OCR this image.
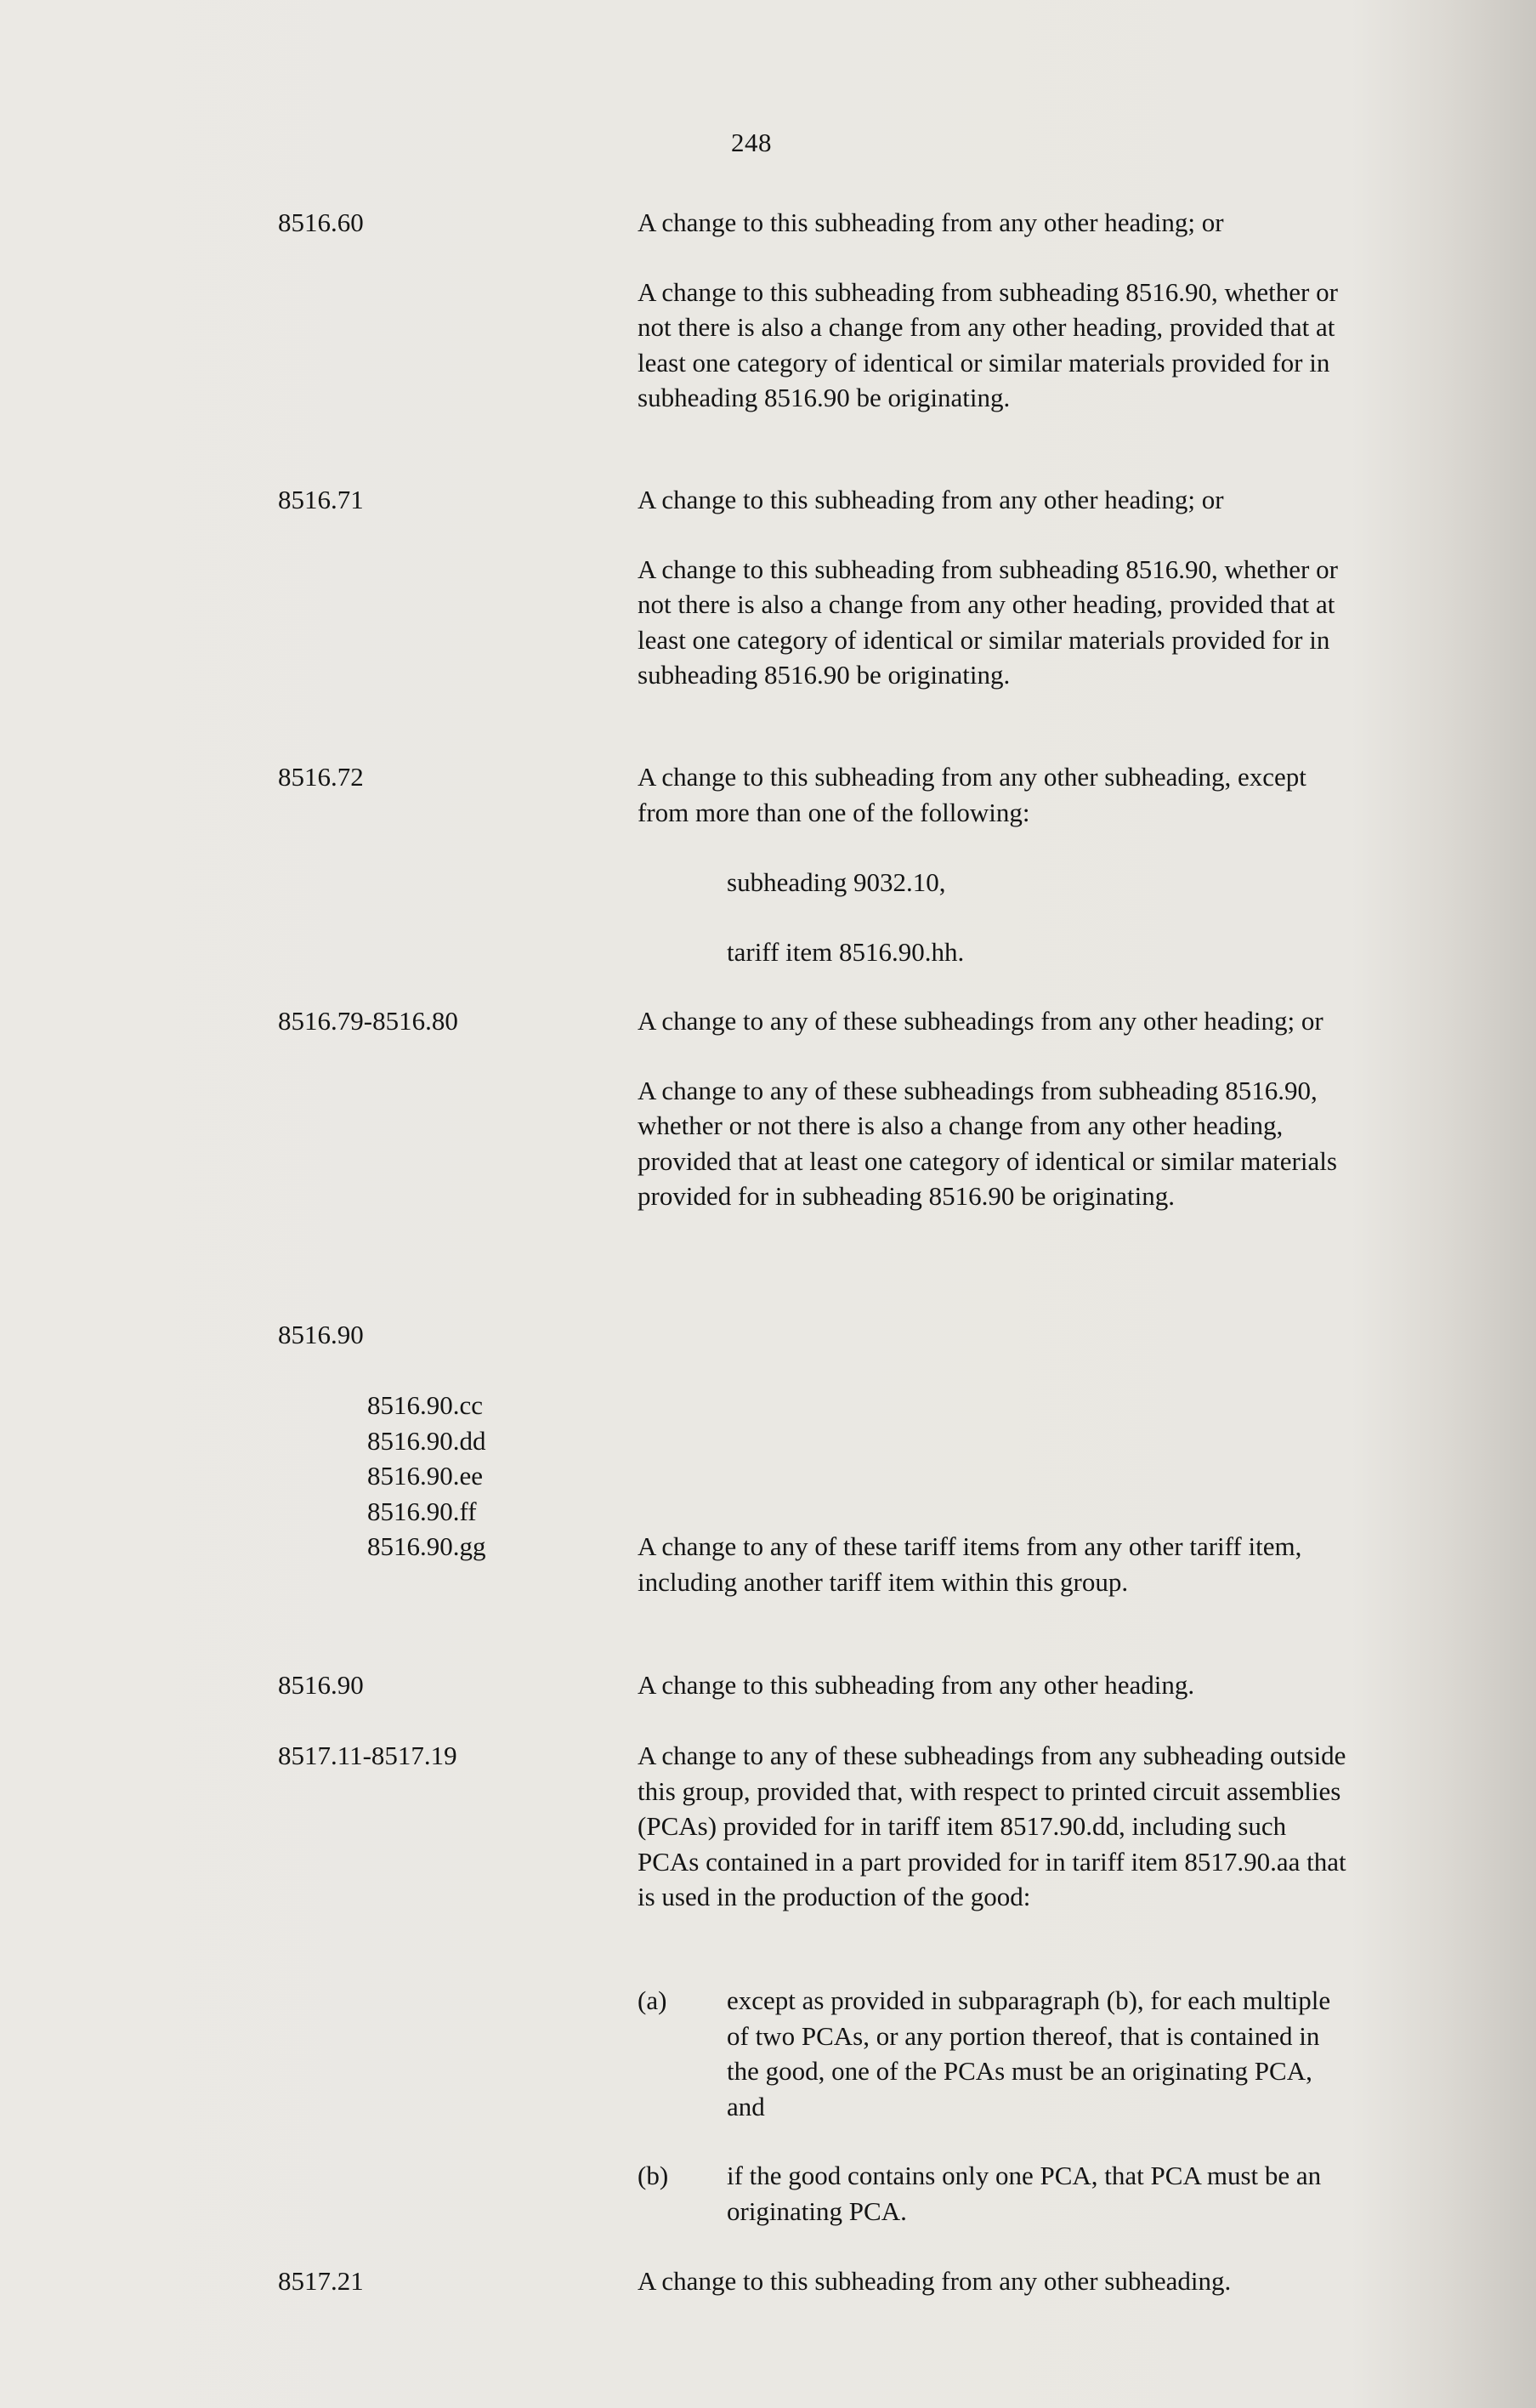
248
8516.60	A change to this subheading from any other heading; or

A change to this subheading from subheading 8516.90, whether or not there is also a change from any other heading, provided that at least one category of identical or similar materials provided for in subheading 8516.90 be originating.

8516.71	A change to this subheading from any other heading; or

A change to this subheading from subheading 8516.90, whether or not there is also a change from any other heading, provided that at least one category of identical or similar materials provided for in subheading 8516.90 be originating.

8516.72	A change to this subheading from any other subheading, except from more than one of the following:

subheading 9032.10,
tariff item 8516.90.hh.
8516.79-8516.80	A change to any of these subheadings from any other heading; or

A change to any of these subheadings from subheading 8516.90, whether or not there is also a change from any other heading, provided that at least one category of identical or similar materials provided for in subheading 8516.90 be originating.

8516.90
8516.90.cc
8516.90.dd
8516.90.ee
8516.90.ff
8516.90.gg	A change to any of these tariff items from any other tariff item, including another tariff item within this group.

8516.90	A change to this subheading from any other heading.

8517.11-8517.19	A change to any of these subheadings from any subheading outside this group, provided that, with respect to printed circuit assemblies (PCAs) provided for in tariff item 8517.90.dd, including such PCAs contained in a part provided for in tariff item 8517.90.aa that is used in the production of the good:

(a) except as provided in subparagraph (b), for each multiple of two PCAs, or any portion thereof, that is contained in the good, one of the PCAs must be an originating PCA, and
(b) if the good contains only one PCA, that PCA must be an originating PCA.
8517.21	A change to this subheading from any other subheading.
